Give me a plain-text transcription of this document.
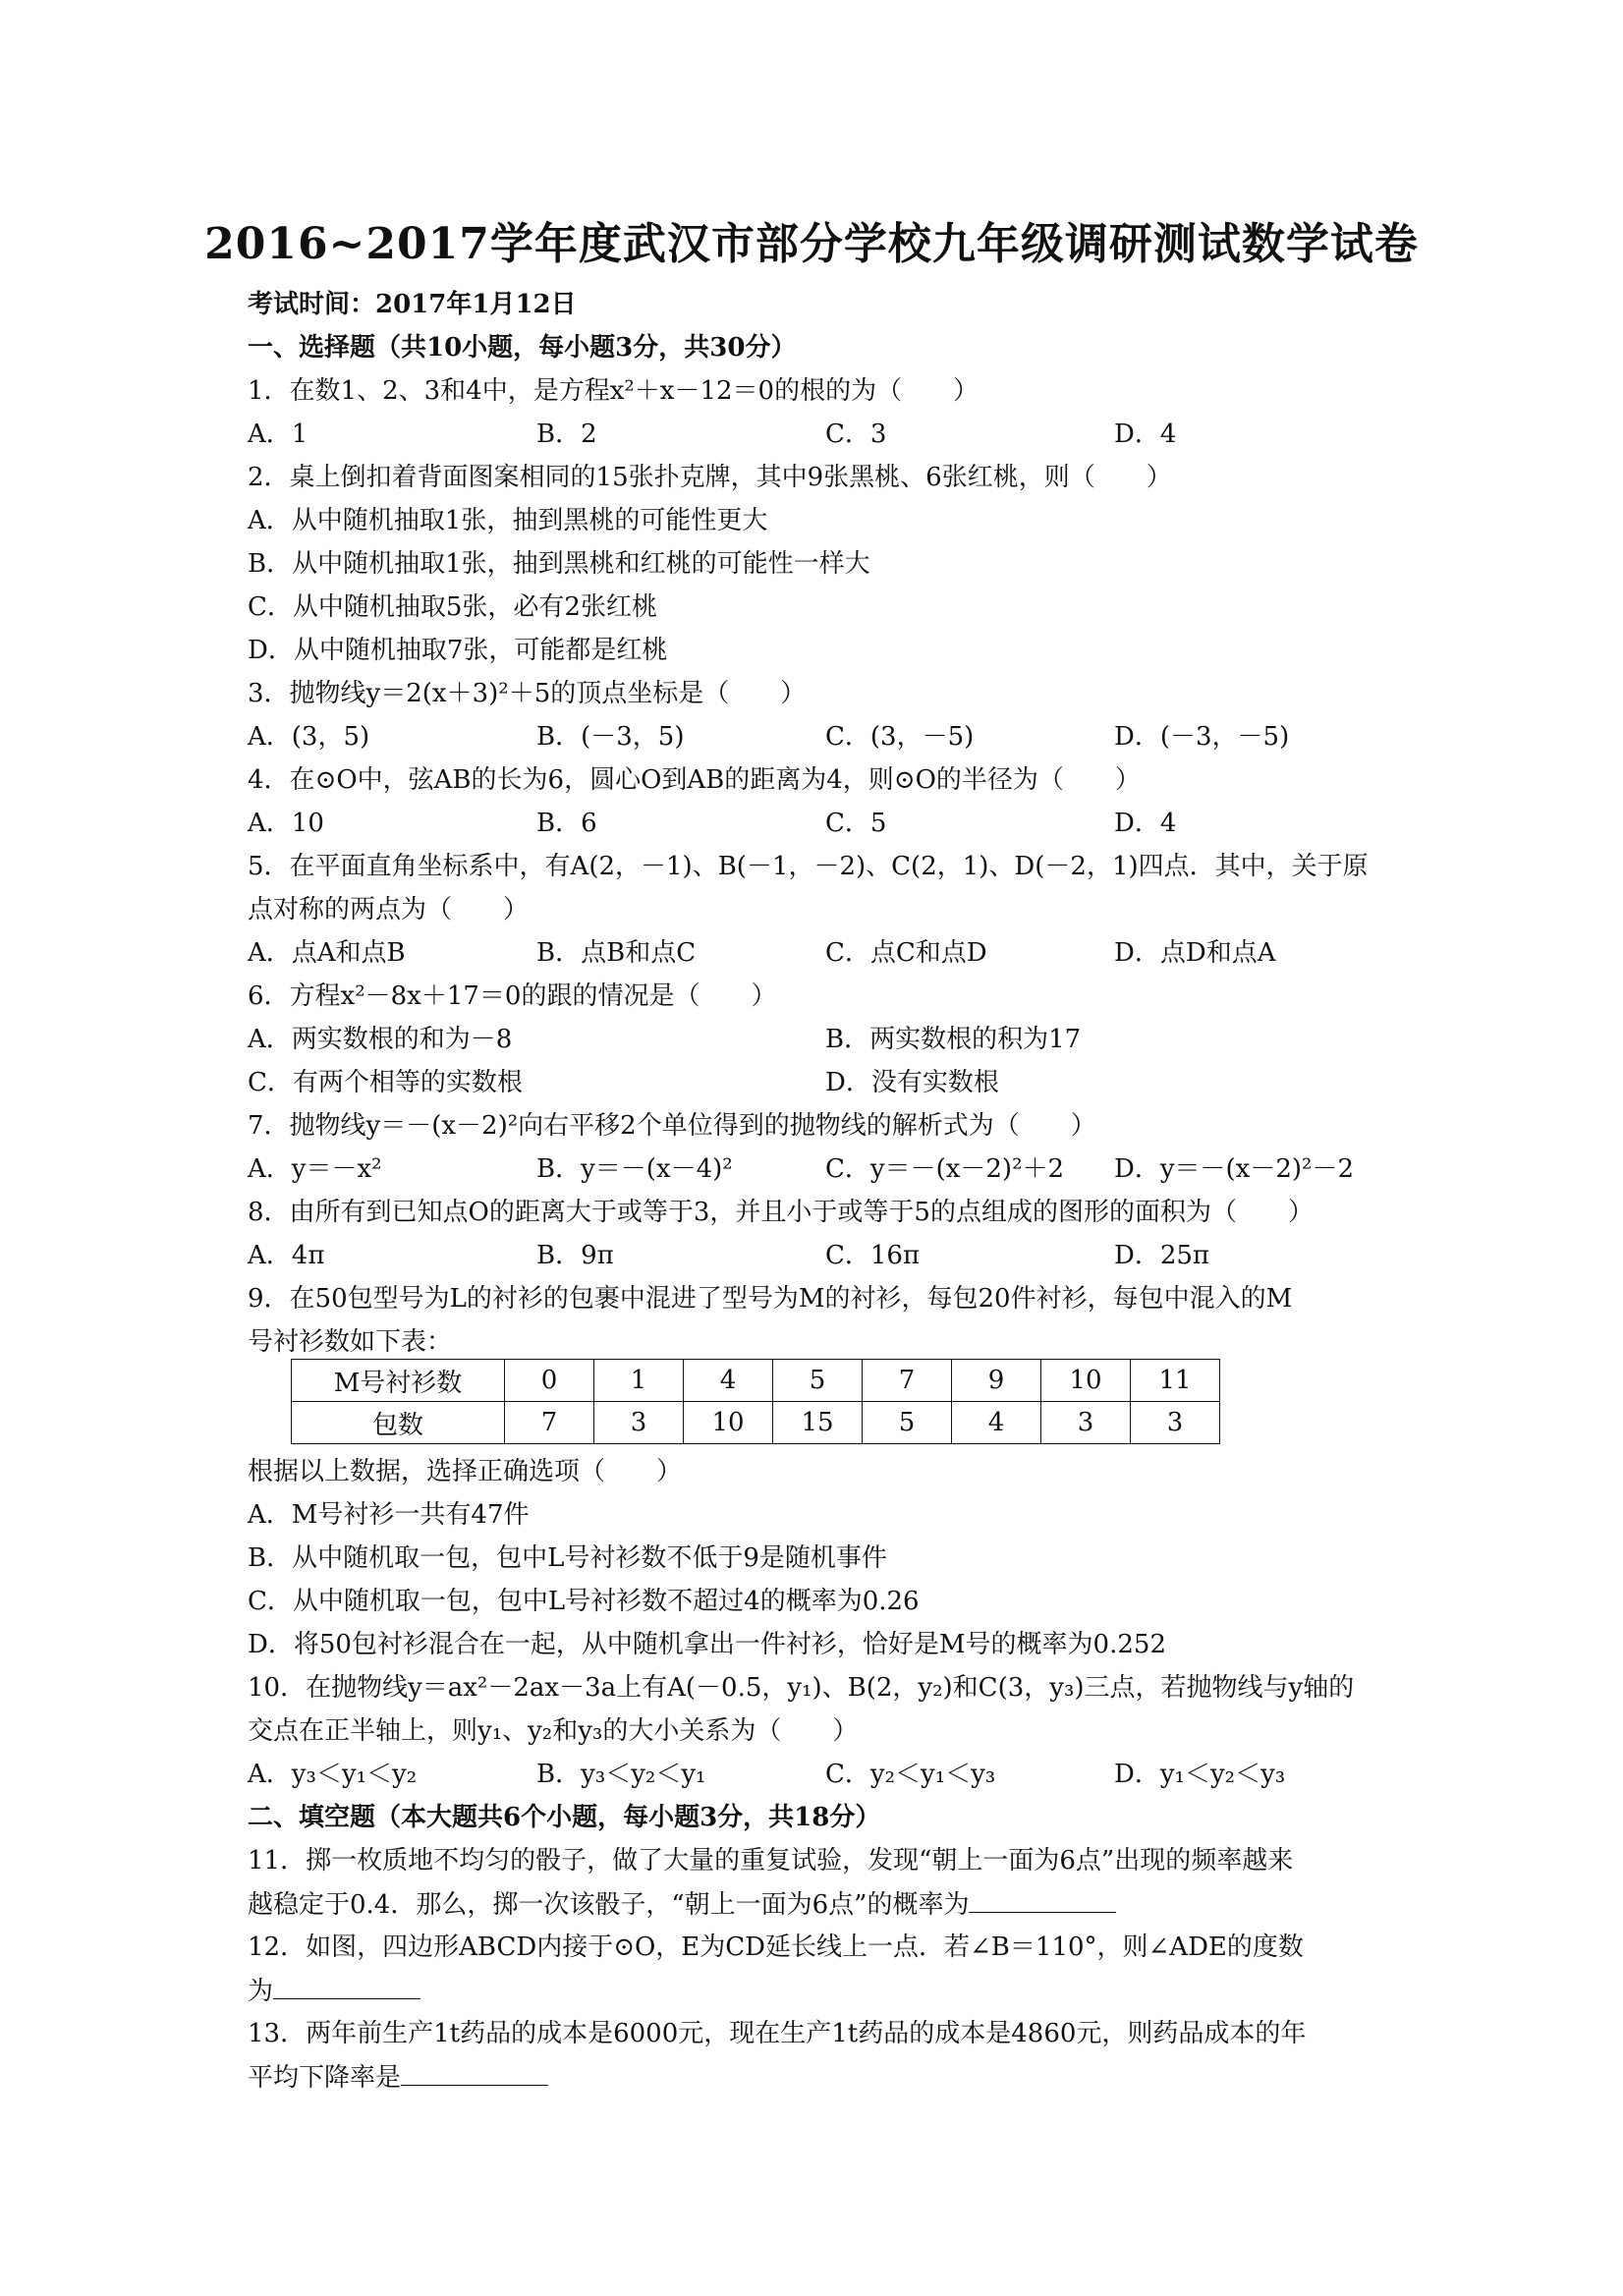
2016~2017学年度武汉市部分学校九年级调研测试数学试卷
考试时间：2017年1月12日
一、选择题（共10小题，每小题3分，共30分）
1．在数1、2、3和4中，是方程x²＋x－12＝0的根的为（　　）
A．1	B．2	C．3	D．4
2．桌上倒扣着背面图案相同的15张扑克牌，其中9张黑桃、6张红桃，则（　　）
A．从中随机抽取1张，抽到黑桃的可能性更大
B．从中随机抽取1张，抽到黑桃和红桃的可能性一样大
C．从中随机抽取5张，必有2张红桃
D．从中随机抽取7张，可能都是红桃
3．抛物线y＝2(x＋3)²＋5的顶点坐标是（　　）
A．(3，5)	B．(－3，5)	C．(3，－5)	D．(－3，－5)
4．在⊙O中，弦AB的长为6，圆心O到AB的距离为4，则⊙O的半径为（　　）
A．10	B．6	C．5	D．4
5．在平面直角坐标系中，有A(2，－1)、B(－1，－2)、C(2，1)、D(－2，1)四点．其中，关于原
点对称的两点为（　　）
A．点A和点B	B．点B和点C	C．点C和点D	D．点D和点A
6．方程x²－8x＋17＝0的跟的情况是（　　）
A．两实数根的和为－8	B．两实数根的积为17
C．有两个相等的实数根	D．没有实数根
7．抛物线y＝－(x－2)²向右平移2个单位得到的抛物线的解析式为（　　）
A．y＝－x²	B．y＝－(x－4)²	C．y＝－(x－2)²＋2 D．y＝－(x－2)²－2
8．由所有到已知点O的距离大于或等于3，并且小于或等于5的点组成的图形的面积为（　　）
A．4π	B．9π	C．16π	D．25π
9．在50包型号为L的衬衫的包裹中混进了型号为M的衬衫，每包20件衬衫，每包中混入的M
号衬衫数如下表：
M号衬衫数	0	1	4	5	7	9	10	11
包数	7	3	10	15	5	4	3	3
根据以上数据，选择正确选项（　　）
A．M号衬衫一共有47件
B．从中随机取一包，包中L号衬衫数不低于9是随机事件
C．从中随机取一包，包中L号衬衫数不超过4的概率为0.26
D．将50包衬衫混合在一起，从中随机拿出一件衬衫，恰好是M号的概率为0.252
10．在抛物线y＝ax²－2ax－3a上有A(－0.5，y₁)、B(2，y₂)和C(3，y₃)三点，若抛物线与y轴的
交点在正半轴上，则y₁、y₂和y₃的大小关系为（　　）
A．y₃＜y₁＜y₂	B．y₃＜y₂＜y₁	C．y₂＜y₁＜y₃	D．y₁＜y₂＜y₃
二、填空题（本大题共6个小题，每小题3分，共18分）
11．掷一枚质地不均匀的骰子，做了大量的重复试验，发现“朝上一面为6点”出现的频率越来
越稳定于0.4．那么，掷一次该骰子，“朝上一面为6点”的概率为
12．如图，四边形ABCD内接于⊙O，E为CD延长线上一点．若∠B＝110°，则∠ADE的度数
为
13．两年前生产1t药品的成本是6000元，现在生产1t药品的成本是4860元，则药品成本的年
平均下降率是
